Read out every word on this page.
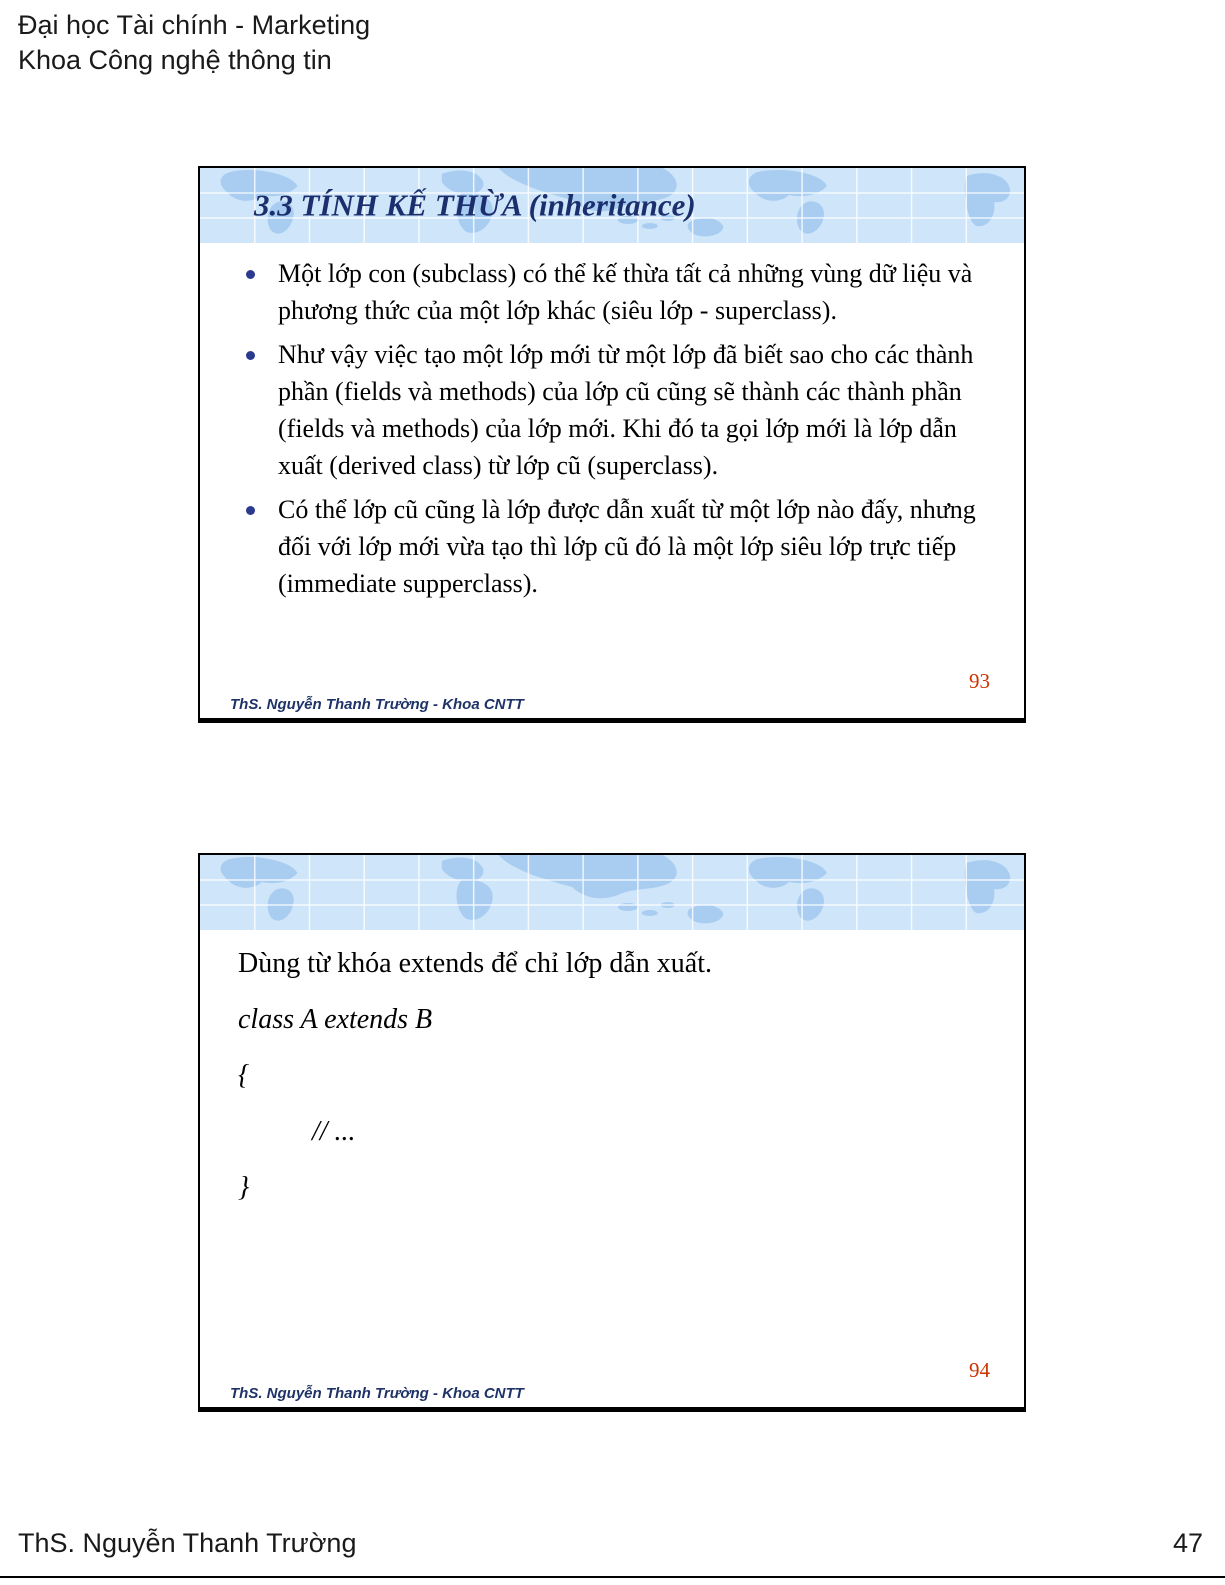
Đại học Tài chính - Marketing
Khoa Công nghệ thông tin
3.3 TÍNH KẾ THỪA (inheritance)
Một lớp con (subclass) có thể kế thừa tất cả những vùng dữ liệu và phương thức của một lớp khác (siêu lớp - superclass).
Như vậy việc tạo một lớp mới từ một lớp đã biết sao cho các thành phần (fields và methods) của lớp cũ cũng sẽ thành các thành phần (fields và methods) của lớp mới. Khi đó ta gọi lớp mới là lớp dẫn xuất (derived class) từ lớp cũ (superclass).
Có thể lớp cũ cũng là lớp được dẫn xuất từ một lớp nào đấy, nhưng đối với lớp mới vừa tạo thì lớp cũ đó là một lớp siêu lớp trực tiếp (immediate supperclass).
93
ThS. Nguyễn Thanh Trường - Khoa CNTT
Dùng từ khóa extends để chỉ lớp dẫn xuất.
class A extends B
{
// ...
}
94
ThS. Nguyễn Thanh Trường - Khoa CNTT
ThS. Nguyễn Thanh Trường	47
